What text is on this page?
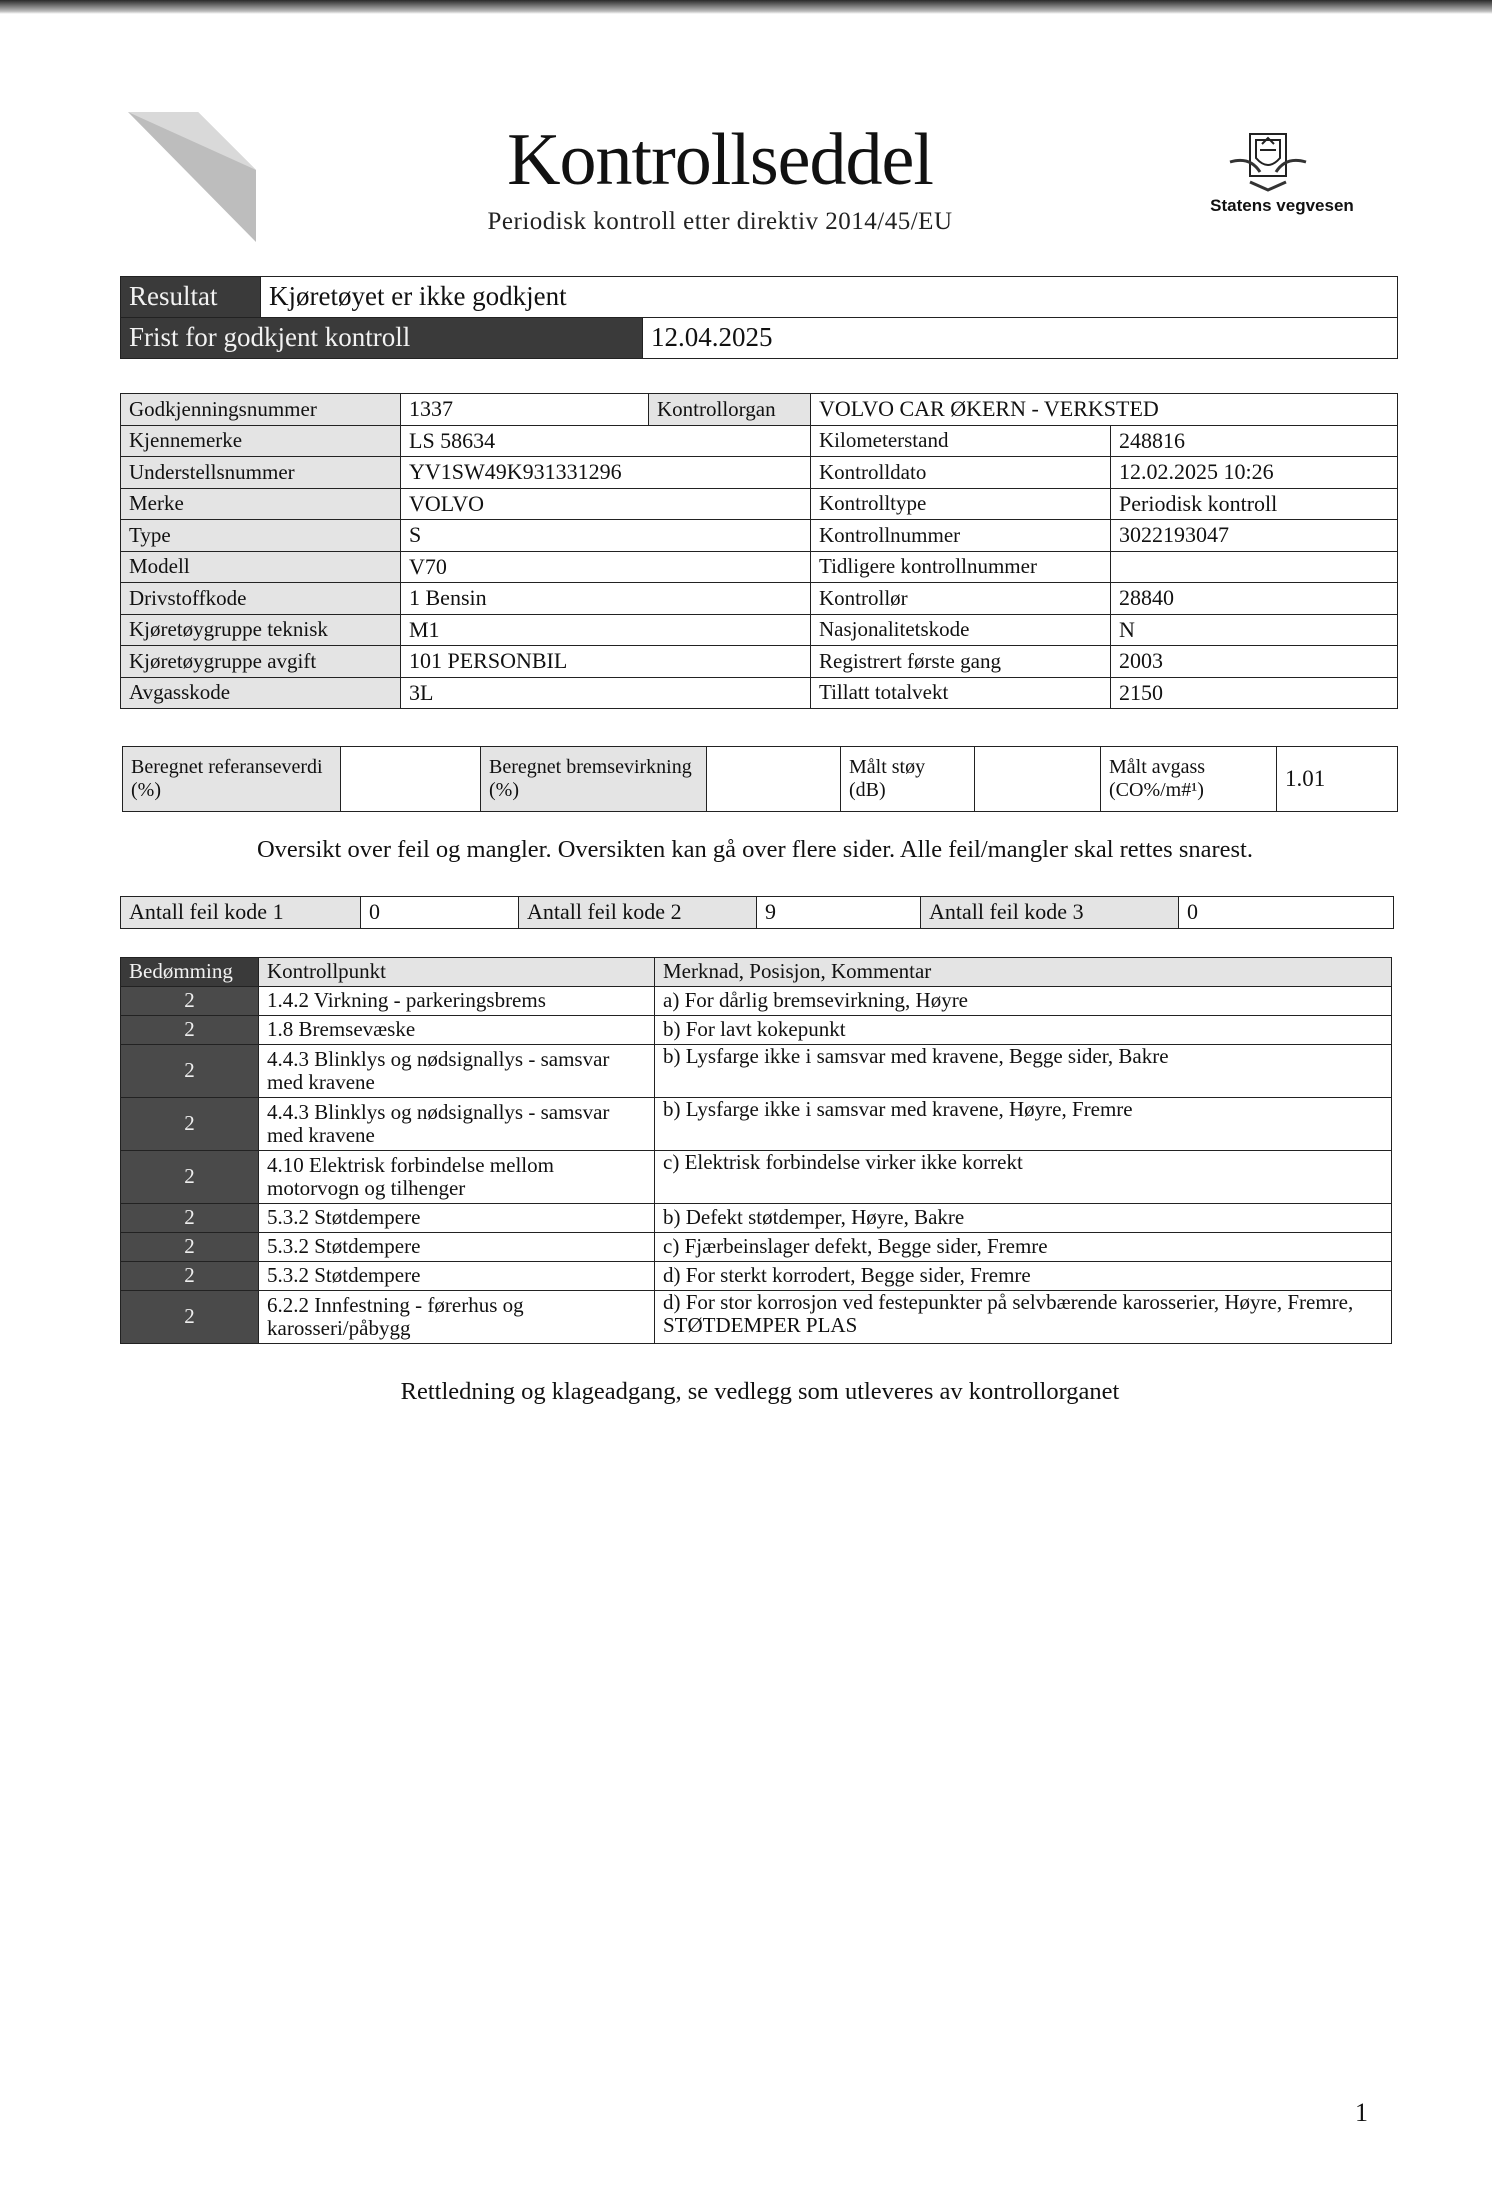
Kontrollseddel
Periodisk kontroll etter direktiv 2014/45/EU
Statens vegvesen
Resultat	Kjøretøyet er ikke godkjent	
Frist for godkjent kontroll		12.04.2025
Godkjenningsnummer	1337	Kontrollorgan	VOLVO CAR ØKERN - VERKSTED	
Kjennemerke	LS 58634		Kilometerstand	248816
Understellsnummer	YV1SW49K931331296		Kontrolldato	12.02.2025 10:26
Merke	VOLVO		Kontrolltype	Periodisk kontroll
Type	S		Kontrollnummer	3022193047
Modell	V70		Tidligere kontrollnummer	
Drivstoffkode	1 Bensin		Kontrollør	28840
Kjøretøygruppe teknisk	M1		Nasjonalitetskode	N
Kjøretøygruppe avgift	101 PERSONBIL		Registrert første gang	2003
Avgasskode	3L		Tillatt totalvekt	2150
Beregnet referanseverdi (%)		Beregnet bremsevirkning (%)		Målt støy (dB)		Målt avgass (CO%/m#¹)	1.01
Oversikt over feil og mangler. Oversikten kan gå over flere sider. Alle feil/mangler skal rettes snarest.
Antall feil kode 1	0	Antall feil kode 2	9	Antall feil kode 3	0
Bedømming	Kontrollpunkt	Merknad, Posisjon, Kommentar
2	1.4.2 Virkning - parkeringsbrems	a) For dårlig bremsevirkning, Høyre
2	1.8 Bremsevæske	b) For lavt kokepunkt
2	4.4.3 Blinklys og nødsignallys - samsvar med kravene	b) Lysfarge ikke i samsvar med kravene, Begge sider, Bakre
2	4.4.3 Blinklys og nødsignallys - samsvar med kravene	b) Lysfarge ikke i samsvar med kravene, Høyre, Fremre
2	4.10 Elektrisk forbindelse mellom motorvogn og tilhenger	c) Elektrisk forbindelse virker ikke korrekt
2	5.3.2 Støtdempere	b) Defekt støtdemper, Høyre, Bakre
2	5.3.2 Støtdempere	c) Fjærbeinslager defekt, Begge sider, Fremre
2	5.3.2 Støtdempere	d) For sterkt korrodert, Begge sider, Fremre
2	6.2.2 Innfestning - førerhus og karosseri/påbygg	d) For stor korrosjon ved festepunkter på selvbærende karosserier, Høyre, Fremre, STØTDEMPER PLAS
Rettledning og klageadgang, se vedlegg som utleveres av kontrollorganet
1
